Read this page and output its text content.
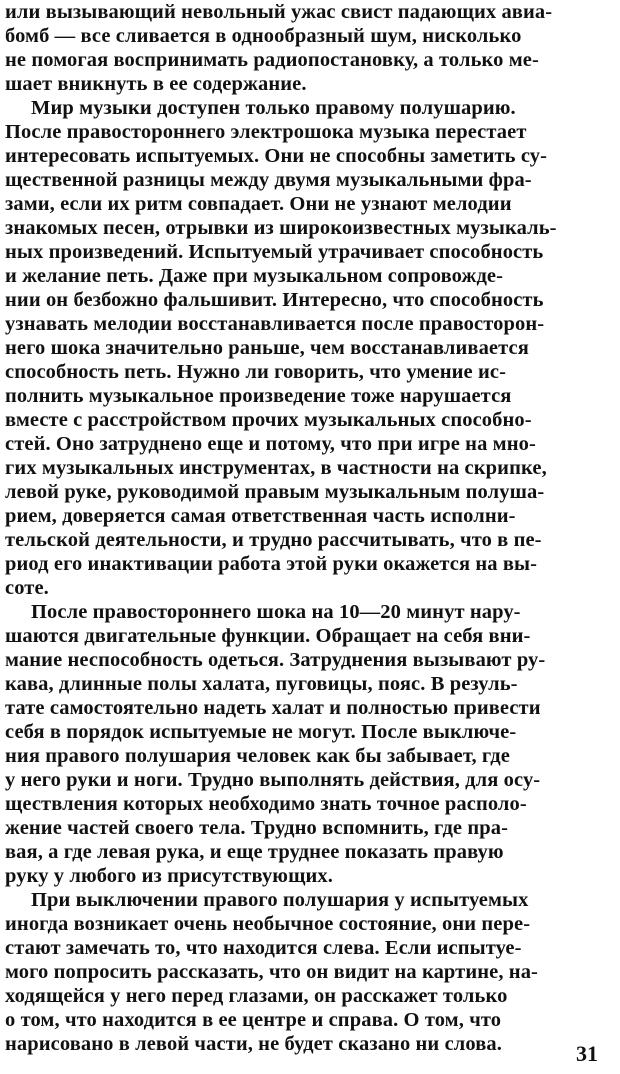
или вызывающий невольный ужас свист падающих авиа-
бомб — все сливается в однообразный шум, нисколько
не помогая воспринимать радиопостановку, а только ме-
шает вникнуть в ее содержание.
Мир музыки доступен только правому полушарию.
После правостороннего электрошока музыка перестает
интересовать испытуемых. Они не способны заметить су-
щественной разницы между двумя музыкальными фра-
зами, если их ритм совпадает. Они не узнают мелодии
знакомых песен, отрывки из широкоизвестных музыкаль-
ных произведений. Испытуемый утрачивает способность
и желание петь. Даже при музыкальном сопровожде-
нии он безбожно фальшивит. Интересно, что способность
узнавать мелодии восстанавливается после правосторон-
него шока значительно раньше, чем восстанавливается
способность петь. Нужно ли говорить, что умение ис-
полнить музыкальное произведение тоже нарушается
вместе с расстройством прочих музыкальных способно-
стей. Оно затруднено еще и потому, что при игре на мно-
гих музыкальных инструментах, в частности на скрипке,
левой руке, руководимой правым музыкальным полуша-
рием, доверяется самая ответственная часть исполни-
тельской деятельности, и трудно рассчитывать, что в пе-
риод его инактивации работа этой руки окажется на вы-
соте.
После правостороннего шока на 10—20 минут нару-
шаются двигательные функции. Обращает на себя вни-
мание неспособность одеться. Затруднения вызывают ру-
кава, длинные полы халата, пуговицы, пояс. В резуль-
тате самостоятельно надеть халат и полностью привести
себя в порядок испытуемые не могут. После выключе-
ния правого полушария человек как бы забывает, где
у него руки и ноги. Трудно выполнять действия, для осу-
ществления которых необходимо знать точное располо-
жение частей своего тела. Трудно вспомнить, где пра-
вая, а где левая рука, и еще труднее показать правую
руку у любого из присутствующих.
При выключении правого полушария у испытуемых
иногда возникает очень необычное состояние, они пере-
стают замечать то, что находится слева. Если испытуе-
мого попросить рассказать, что он видит на картине, на-
ходящейся у него перед глазами, он расскажет только
о том, что находится в ее центре и справа. О том, что
нарисовано в левой части, не будет сказано ни слова.	31
